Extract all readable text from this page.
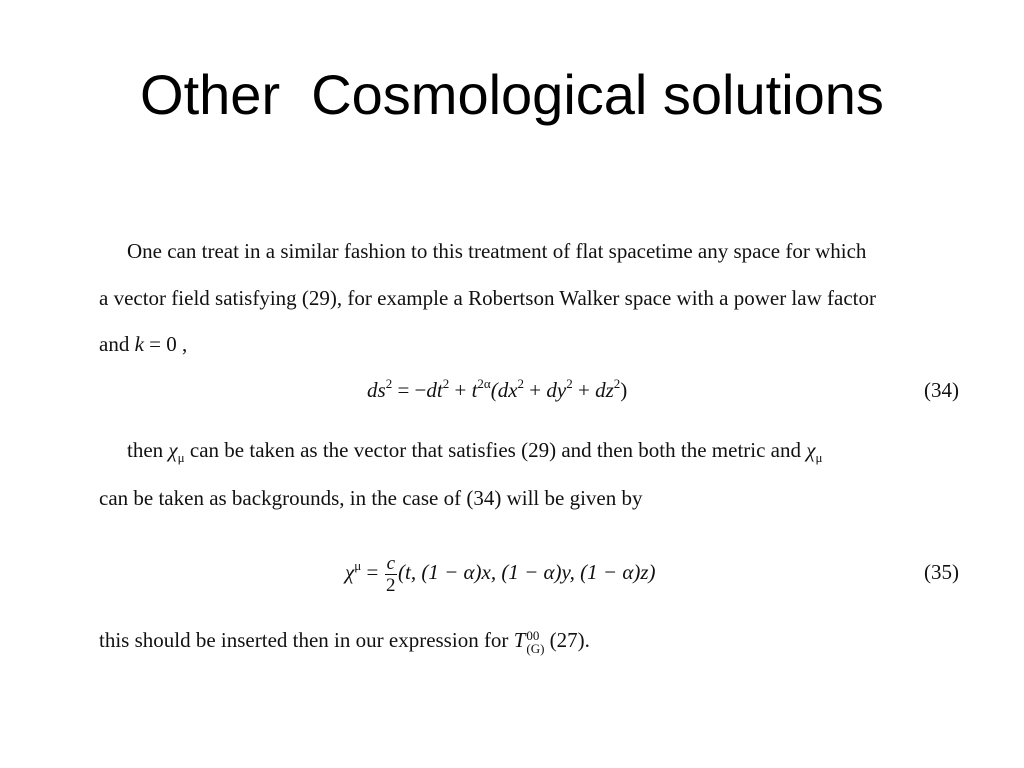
Other  Cosmological solutions
One can treat in a similar fashion to this treatment of flat spacetime any space for which
a vector field satisfying (29), for example a Robertson Walker space with a power law factor
and k = 0 ,
$ds^2 = -dt^2 + t^{2\alpha}(dx^2 + dy^2 + dz^2)$	(34)
then $\chi_\mu$ can be taken as the vector that satisfies (29) and then both the metric and $\chi_\mu$
can be taken as backgrounds, in the case of (34) will be given by
$\chi^\mu = \frac{c}{2} (t$, (1 − α)x, (1 − α)y, (1 − α)z)	(35)
this should be inserted then in our expression for T 00
(G) (27).
